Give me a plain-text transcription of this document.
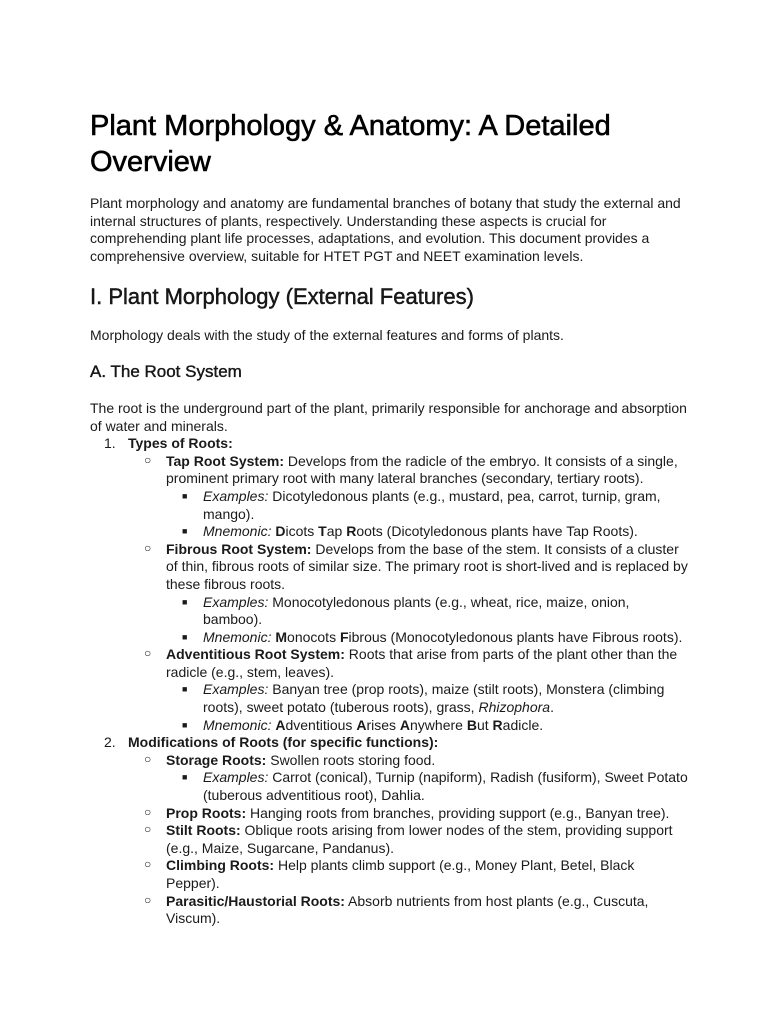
Plant Morphology & Anatomy: A Detailed Overview

Plant morphology and anatomy are fundamental branches of botany that study the external and internal structures of plants, respectively. Understanding these aspects is crucial for comprehending plant life processes, adaptations, and evolution. This document provides a comprehensive overview, suitable for HTET PGT and NEET examination levels.

I. Plant Morphology (External Features)

Morphology deals with the study of the external features and forms of plants.

A. The Root System

The root is the underground part of the plant, primarily responsible for anchorage and absorption of water and minerals.

1. Types of Roots:
○ Tap Root System: Develops from the radicle of the embryo. It consists of a single, prominent primary root with many lateral branches (secondary, tertiary roots).
■ Examples: Dicotyledonous plants (e.g., mustard, pea, carrot, turnip, gram, mango).
■ Mnemonic: Dicots Tap Roots (Dicotyledonous plants have Tap Roots).
○ Fibrous Root System: Develops from the base of the stem. It consists of a cluster of thin, fibrous roots of similar size. The primary root is short-lived and is replaced by these fibrous roots.
■ Examples: Monocotyledonous plants (e.g., wheat, rice, maize, onion, bamboo).
■ Mnemonic: Monocots Fibrous (Monocotyledonous plants have Fibrous roots).
○ Adventitious Root System: Roots that arise from parts of the plant other than the radicle (e.g., stem, leaves).
■ Examples: Banyan tree (prop roots), maize (stilt roots), Monstera (climbing roots), sweet potato (tuberous roots), grass, Rhizophora.
■ Mnemonic: Adventitious Arises Anywhere But Radicle.
2. Modifications of Roots (for specific functions):
○ Storage Roots: Swollen roots storing food.
■ Examples: Carrot (conical), Turnip (napiform), Radish (fusiform), Sweet Potato (tuberous adventitious root), Dahlia.
○ Prop Roots: Hanging roots from branches, providing support (e.g., Banyan tree).
○ Stilt Roots: Oblique roots arising from lower nodes of the stem, providing support (e.g., Maize, Sugarcane, Pandanus).
○ Climbing Roots: Help plants climb support (e.g., Money Plant, Betel, Black Pepper).
○ Parasitic/Haustorial Roots: Absorb nutrients from host plants (e.g., Cuscuta, Viscum).
